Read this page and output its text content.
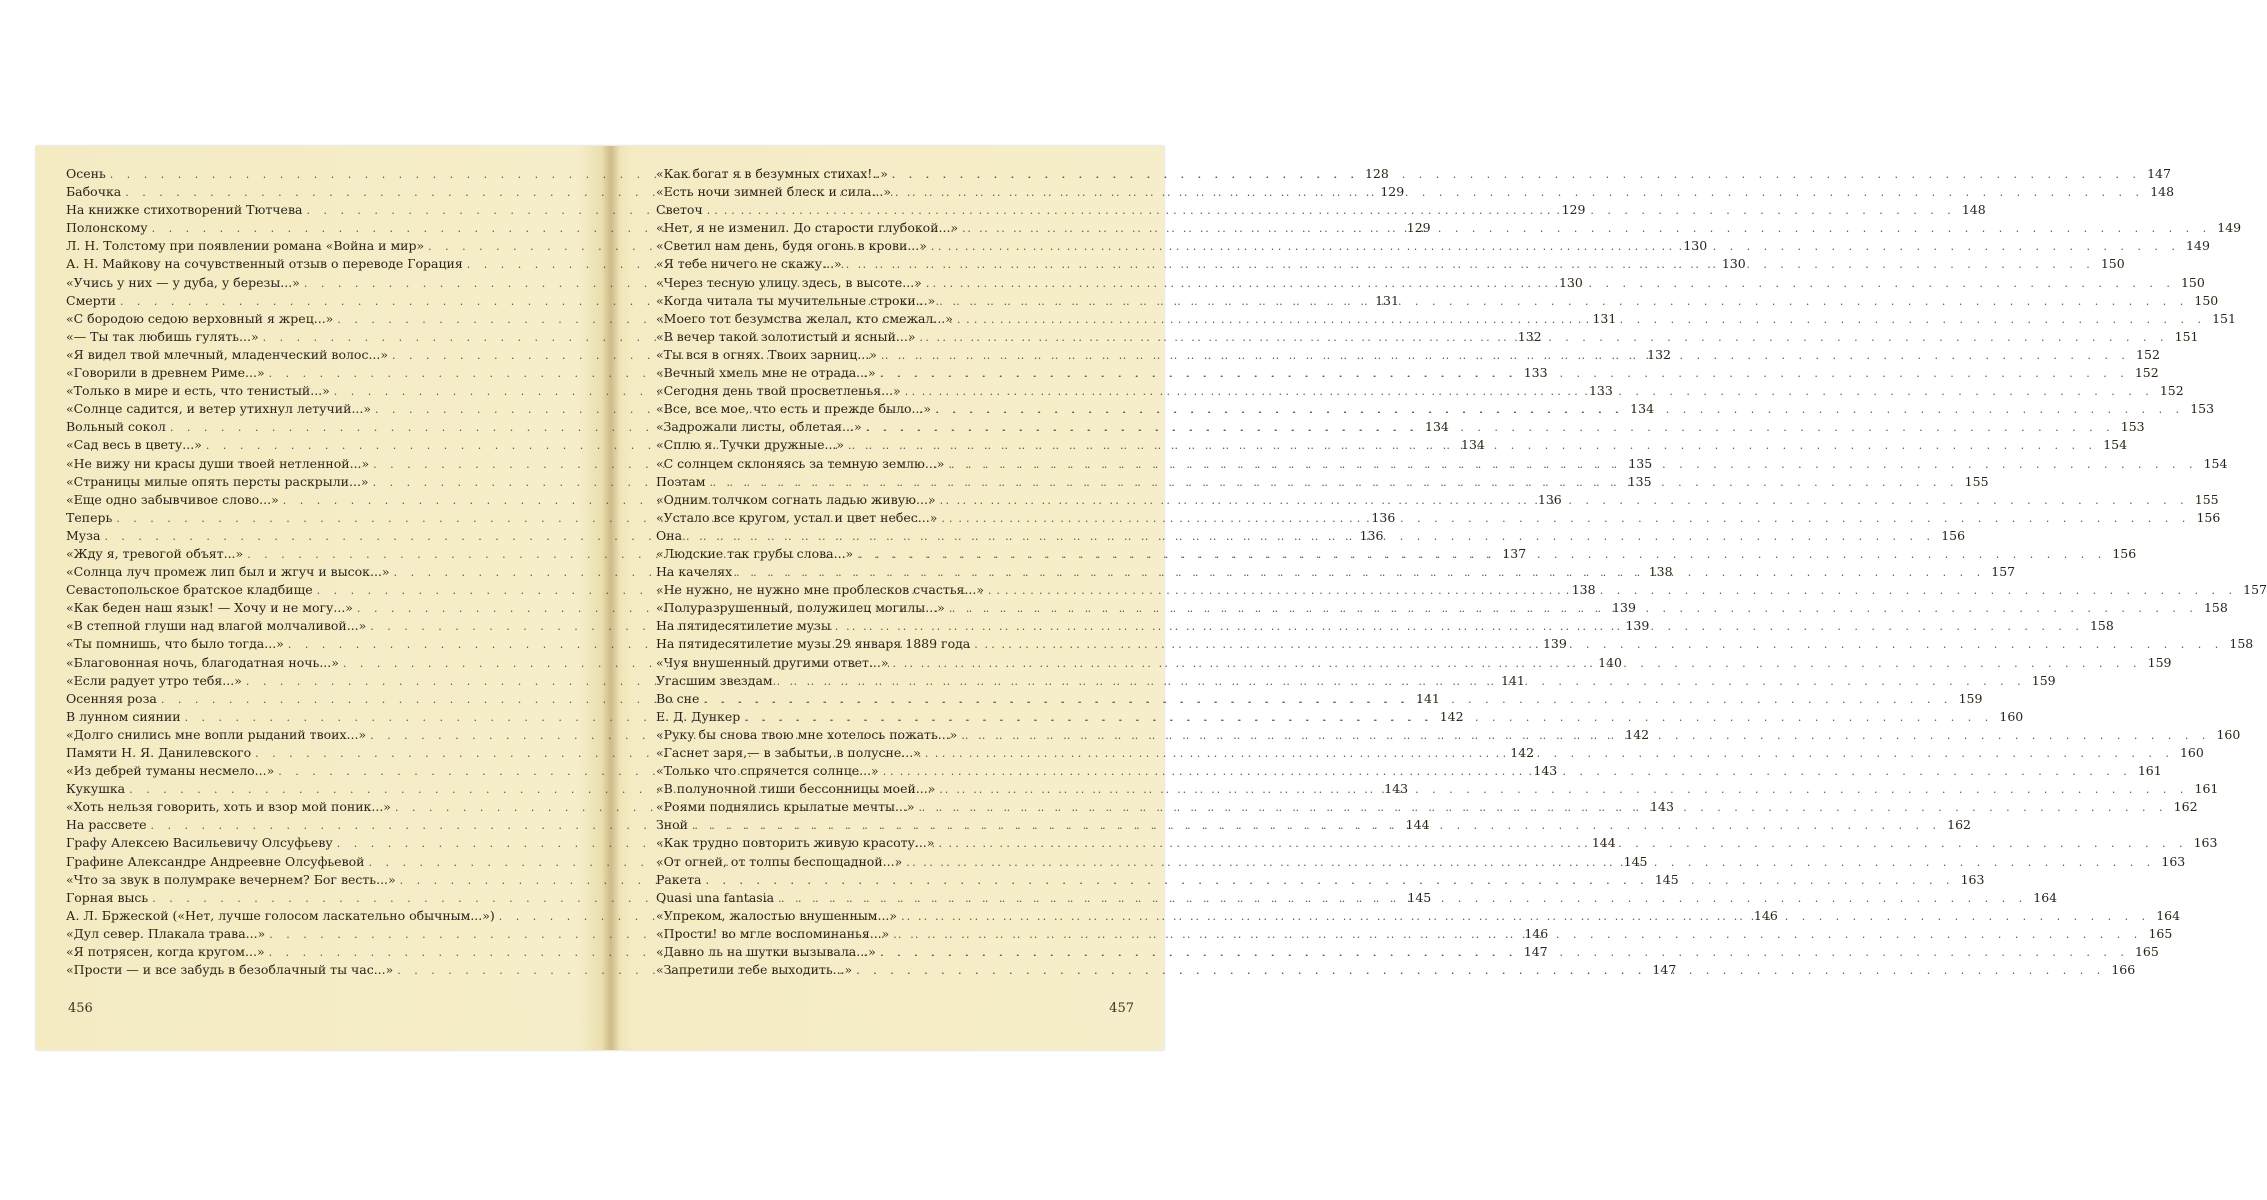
Осень . . .	128
Бабочка . . .	129
На книжке стихотворений Тютчева . . .	129
Полонскому . . .	129
Л. Н. Толстому при появлении романа «Война и мир» . . .	130
А. Н. Майкову на сочувственный отзыв о переводе Горация . . .	130
«Учись у них — у дуба, у березы...» . . .	130
Смерти . . .	131
«С бородою седою верховный я жрец...» . . .	131
«— Ты так любишь гулять...» . . .	132
«Я видел твой млечный, младенческий волос...» . . .	132
«Говорили в древнем Риме...» . . .	133
«Только в мире и есть, что тенистый...» . . .	133
«Солнце садится, и ветер утихнул летучий...» . . .	134
Вольный сокол . . .	134
«Сад весь в цвету...» . . .	134
«Не вижу ни красы души твоей нетленной...» . . .	135
«Страницы милые опять персты раскрыли...» . . .	135
«Еще одно забывчивое слово...» . . .	136
Теперь . . .	136
Муза . . .	136
«Жду я, тревогой объят...» . . .	137
«Солнца луч промеж лип был и жгуч и высок...» . . .	138
Севастопольское братское кладбище . . .	138
«Как беден наш язык! — Хочу и не могу...» . . .	139
«В степной глуши над влагой молчаливой...» . . .	139
«Ты помнишь, что было тогда...» . . .	139
«Благовонная ночь, благодатная ночь...» . . .	140
«Если радует утро тебя...» . . .	141
Осенняя роза . . .	141
В лунном сиянии . . .	142
«Долго снились мне вопли рыданий твоих...» . . .	142
Памяти Н. Я. Данилевского . . .	142
«Из дебрей туманы несмело...» . . .	143
Кукушка . . .	143
«Хоть нельзя говорить, хоть и взор мой поник...» . . .	143
На рассвете . . .	144
Графу Алексею Васильевичу Олсуфьеву . . .	144
Графине Александре Андреевне Олсуфьевой . . .	145
«Что за звук в полумраке вечернем? Бог весть...» . . .	145
Горная высь . . .	145
А. Л. Бржеской («Нет, лучше голосом ласкательно обычным...») . . .	146
«Дул север. Плакала трава...» . . .	146
«Я потрясен, когда кругом...» . . .	147
«Прости — и все забудь в безоблачный ты час...» . . .	147
456
«Как богат я в безумных стихах!..» . . .	147
«Есть ночи зимней блеск и сила...» . . .	148
Светоч . . .	148
«Нет, я не изменил. До старости глубокой...» . . .	149
«Светил нам день, будя огонь в крови...» . . .	149
«Я тебе ничего не скажу...» . . .	150
«Через тесную улицу здесь, в высоте...» . . .	150
«Когда читала ты мучительные строки...» . . .	150
«Моего тот безумства желал, кто смежал...» . . .	151
«В вечер такой золотистый и ясный...» . . .	151
«Ты вся в огнях. Твоих зарниц...» . . .	152
«Вечный хмель мне не отрада...» . . .	152
«Сегодня день твой просветленья...» . . .	152
«Все, все мое, что есть и прежде было...» . . .	153
«Задрожали листы, облетая...» . . .	153
«Сплю я. Тучки дружные...» . . .	154
«С солнцем склоняясь за темную землю...» . . .	154
Поэтам . . .	155
«Одним толчком согнать ладью живую...» . . .	155
«Устало все кругом, устал и цвет небес...» . . .	156
Она . . .	156
«Людские так грубы слова...» . . .	156
На качелях . . .	157
«Не нужно, не нужно мне проблесков счастья...» . . .	157
«Полуразрушенный, полужилец могилы...» . . .	158
На пятидесятилетие музы . . .	158
На пятидесятилетие музы 29 января 1889 года . . .	158
«Чуя внушенный другими ответ...» . . .	159
Угасшим звездам . . .	159
Во сне . . .	159
Е. Д. Дункер . . .	160
«Руку бы снова твою мне хотелось пожать...» . . .	160
«Гаснет заря,— в забытьи, в полусне...» . . .	160
«Только что спрячется солнце...» . . .	161
«В полуночной тиши бессонницы моей...» . . .	161
«Роями поднялись крылатые мечты...» . . .	162
Зной . . .	162
«Как трудно повторить живую красоту...» . . .	163
«От огней, от толпы беспощадной...» . . .	163
Ракета . . .	163
Quasi una fantasia . . .	164
«Упреком, жалостью внушенным...» . . .	164
«Прости! во мгле воспоминанья...» . . .	165
«Давно ль на шутки вызывала...» . . .	165
«Запретили тебе выходить...» . . .	166
457
